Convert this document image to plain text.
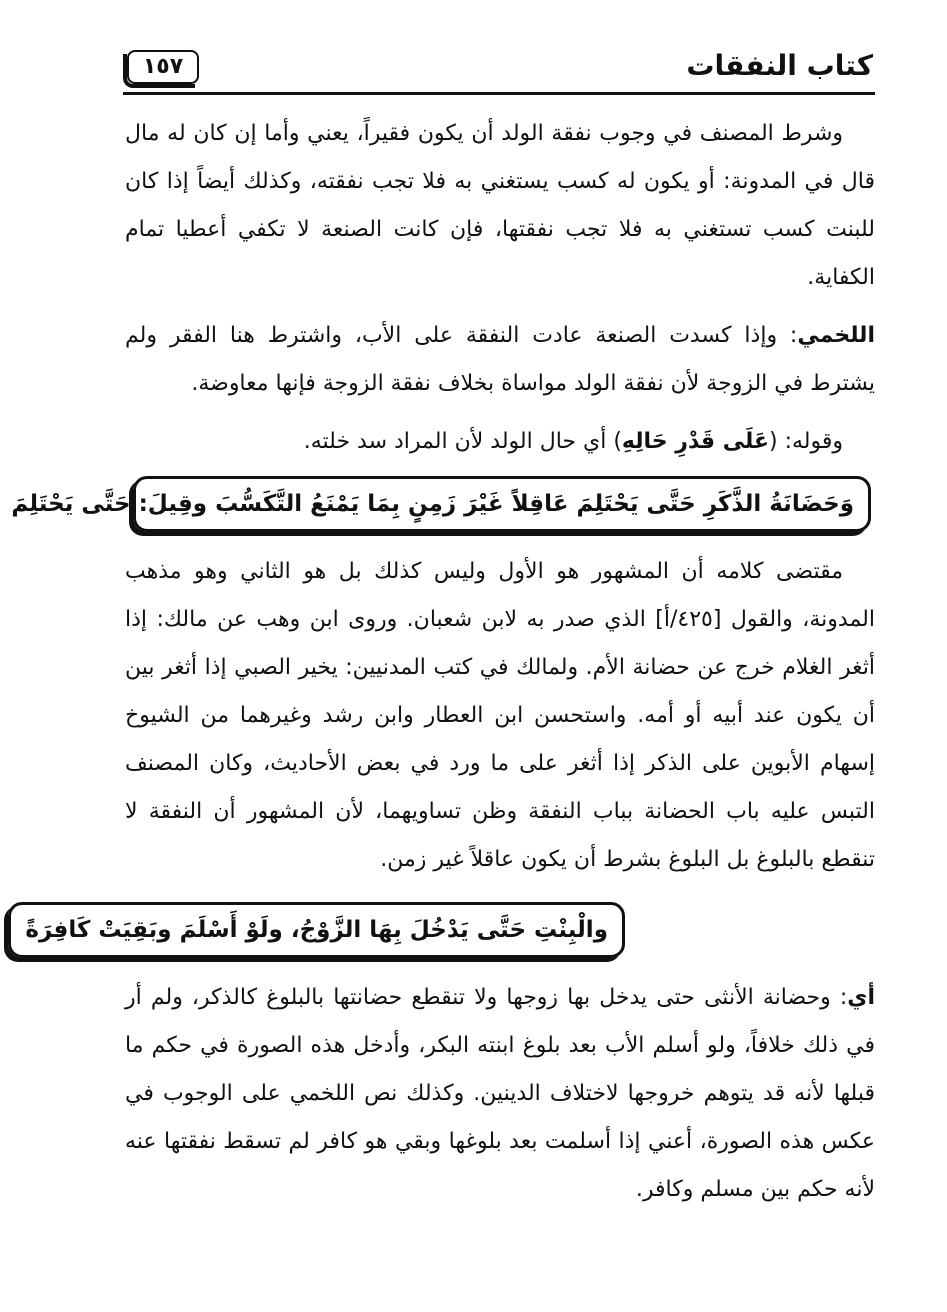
كتاب النفقات
١٥٧

وشرط المصنف في وجوب نفقة الولد أن يكون فقيراً، يعني وأما إن كان له مال قال في المدونة: أو يكون له كسب يستغني به فلا تجب نفقته، وكذلك أيضاً إذا كان للبنت كسب تستغني به فلا تجب نفقتها، فإن كانت الصنعة لا تكفي أعطيا تمام الكفاية.

اللخمي: وإذا كسدت الصنعة عادت النفقة على الأب، واشترط هنا الفقر ولم يشترط في الزوجة لأن نفقة الولد مواساة بخلاف نفقة الزوجة فإنها معاوضة.

وقوله: (عَلَى قَدْرِ حَالِهِ) أي حال الولد لأن المراد سد خلته.

وَحَضَانَةُ الذَّكَرِ حَتَّى يَحْتَلِمَ عَاقِلاً غَيْرَ زَمِنٍ بِمَا يَمْنَعُ التَّكَسُّبَ وقِيلَ: حَتَّى يَحْتَلِمَ

مقتضى كلامه أن المشهور هو الأول وليس كذلك بل هو الثاني وهو مذهب المدونة، والقول [٤٢٥/أ] الذي صدر به لابن شعبان. وروى ابن وهب عن مالك: إذا أثغر الغلام خرج عن حضانة الأم. ولمالك في كتب المدنيين: يخير الصبي إذا أثغر بين أن يكون عند أبيه أو أمه. واستحسن ابن العطار وابن رشد وغيرهما من الشيوخ إسهام الأبوين على الذكر إذا أثغر على ما ورد في بعض الأحاديث، وكان المصنف التبس عليه باب الحضانة بباب النفقة وظن تساويهما، لأن المشهور أن النفقة لا تنقطع بالبلوغ بل البلوغ بشرط أن يكون عاقلاً غير زمن.

والْبِنْتِ حَتَّى يَدْخُلَ بِهَا الزَّوْجُ، ولَوْ أَسْلَمَ وبَقِيَتْ كَافِرَةً

أي: وحضانة الأنثى حتى يدخل بها زوجها ولا تنقطع حضانتها بالبلوغ كالذكر، ولم أر في ذلك خلافاً، ولو أسلم الأب بعد بلوغ ابنته البكر، وأدخل هذه الصورة في حكم ما قبلها لأنه قد يتوهم خروجها لاختلاف الدينين. وكذلك نص اللخمي على الوجوب في عكس هذه الصورة، أعني إذا أسلمت بعد بلوغها وبقي هو كافر لم تسقط نفقتها عنه لأنه حكم بين مسلم وكافر.
